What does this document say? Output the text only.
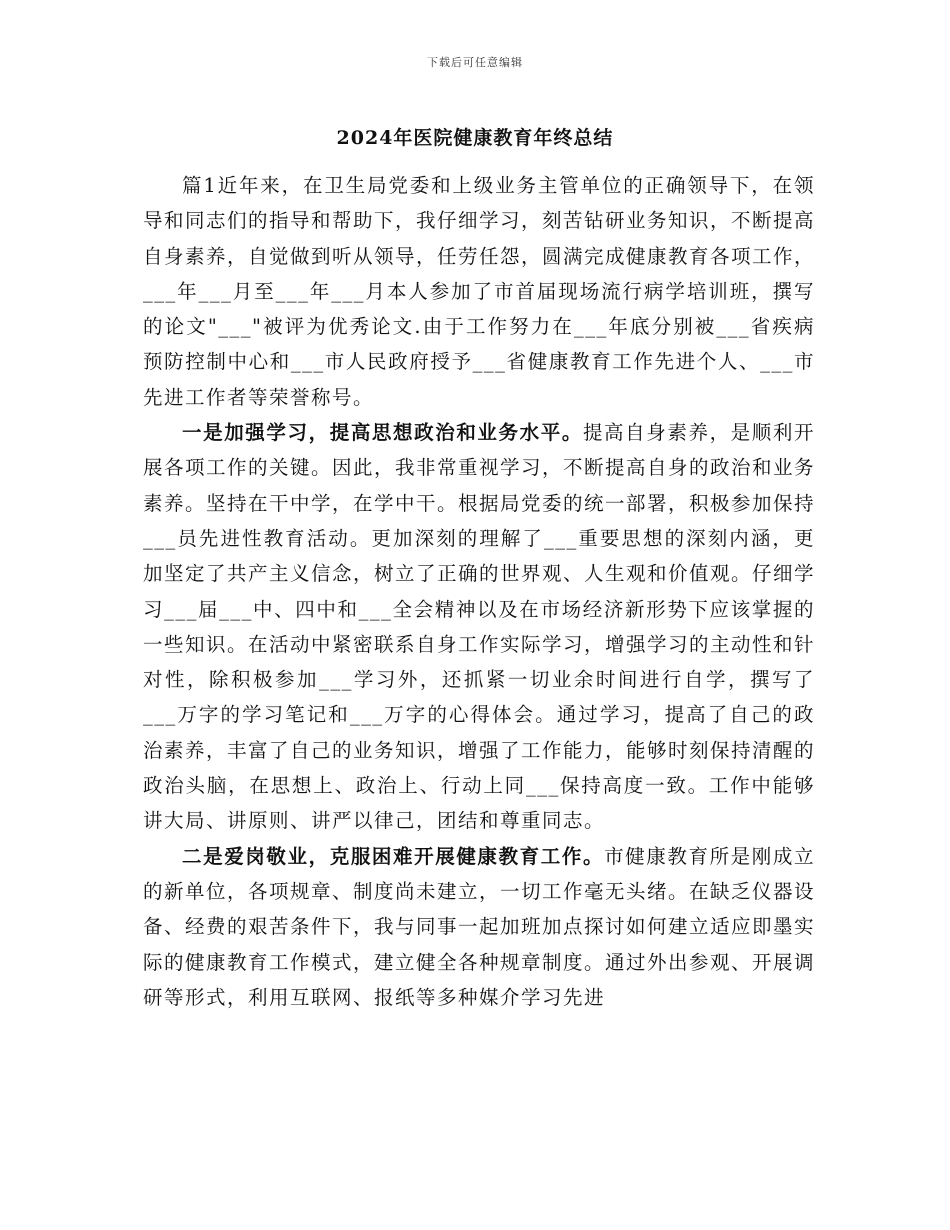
下载后可任意编辑
2024年医院健康教育年终总结

篇1近年来，在卫生局党委和上级业务主管单位的正确领导下，在领导和同志们的指导和帮助下，我仔细学习，刻苦钻研业务知识，不断提高自身素养，自觉做到听从领导，任劳任怨，圆满完成健康教育各项工作，___年___月至___年___月本人参加了市首届现场流行病学培训班，撰写的论文"___"被评为优秀论文.由于工作努力在___年底分别被___省疾病预防控制中心和___市人民政府授予___省健康教育工作先进个人、___市先进工作者等荣誉称号。

一是加强学习，提高思想政治和业务水平。提高自身素养，是顺利开展各项工作的关键。因此，我非常重视学习，不断提高自身的政治和业务素养。坚持在干中学，在学中干。根据局党委的统一部署，积极参加保持___员先进性教育活动。更加深刻的理解了___重要思想的深刻内涵，更加坚定了共产主义信念，树立了正确的世界观、人生观和价值观。仔细学习___届___中、四中和___全会精神以及在市场经济新形势下应该掌握的一些知识。在活动中紧密联系自身工作实际学习，增强学习的主动性和针对性，除积极参加___学习外，还抓紧一切业余时间进行自学，撰写了___万字的学习笔记和___万字的心得体会。通过学习，提高了自己的政治素养，丰富了自己的业务知识，增强了工作能力，能够时刻保持清醒的政治头脑，在思想上、政治上、行动上同___保持高度一致。工作中能够讲大局、讲原则、讲严以律己，团结和尊重同志。

二是爱岗敬业，克服困难开展健康教育工作。市健康教育所是刚成立的新单位，各项规章、制度尚未建立，一切工作毫无头绪。在缺乏仪器设备、经费的艰苦条件下，我与同事一起加班加点探讨如何建立适应即墨实际的健康教育工作模式，建立健全各种规章制度。通过外出参观、开展调研等形式，利用互联网、报纸等多种媒介学习先进
